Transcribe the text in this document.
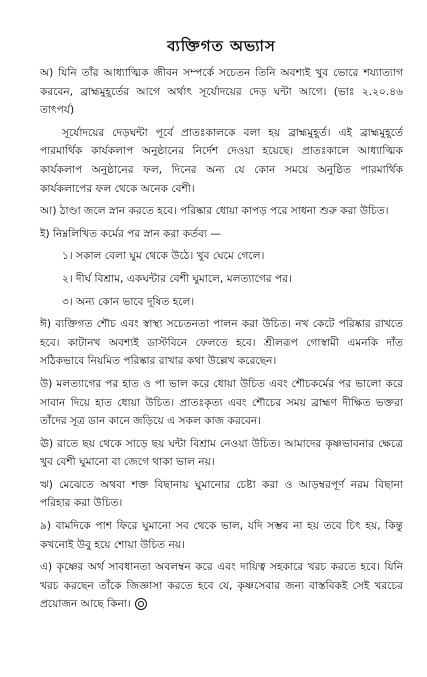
ব্যক্তিগত অভ্যাস

অ) যিনি তাঁর আধ্যাত্মিক জীবন সম্পর্কে সচেতন তিনি অবশ্যই খুব ভোরে শয্যাত্যাগ করবেন, ব্রাহ্মমুহূর্তের আগে অর্থাৎ সূর্যোদয়ের দেড় ঘন্টা আগে। (ভাঃ ২.২০.৪৬ তাৎপর্য)

সূর্যোদয়ের দেড়ঘন্টা পূর্বে প্রাতঃকালকে বলা হয় ব্রাহ্মমুহূর্ত। এই ব্রাহ্মমুহূর্তে পারমার্থিক কার্যকলাপ অনুষ্ঠানের নির্দেশ দেওয়া হয়েছে। প্রাতঃকালে আধ্যাত্মিক কার্যকলাপ অনুষ্ঠানের ফল, দিনের অন্য যে কোন সময়ে অনুষ্ঠিত পারমার্থিক কার্যকলাপের ফল থেকে অনেক বেশী।

আ) ঠাণ্ডা জলে স্নান করতে হবে। পরিষ্কার ধোয়া কাপড় পরে সাধনা শুরু করা উচিত।

ই) নিম্নলিখিত কর্মের পর স্নান করা কর্তব্য —

১। সকাল বেলা ঘুম থেকে উঠে। খুব ঘেমে গেলে।
২। দীর্ঘ বিশ্রাম, একঘন্টার বেশী ঘুমালে, মলত্যাগের পর।
৩। অন্য কোন ভাবে দূষিত হলে।

ঈ) ব্যক্তিগত শৌচ এবং স্বাস্থ্য সচেতনতা পালন করা উচিত। নখ কেটে পরিষ্কার রাখতে হবে। কাটানখ অবশ্যই ডাস্টবিনে ফেলতে হবে। শ্রীলরূপ গোস্বামী এমনকি দাঁত সঠিকভাবে নিয়মিত পরিষ্কার রাখার কথা উল্লেখ করেছেন।

উ) মলত্যাগের পর হাত ও পা ভাল করে ধোয়া উচিত এবং শৌচকর্মের পর ভালো করে সাবান দিয়ে হাত ধোয়া উচিত। প্রাতঃকৃত্য এবং শৌচের সময় ব্রাহ্মণ দীক্ষিত ভক্তরা তাঁদের সূত্র ডান কানে জড়িয়ে এ সকল কাজ করবেন।

ঊ) রাতে ছয় থেকে সাড়ে ছয় ঘন্টা বিশ্রাম নেওয়া উচিত। আমাদের কৃষ্ণভাবনার ক্ষেত্রে খুব বেশী ঘুমানো বা জেগে থাকা ভাল নয়।

ঋ) মেঝেতে অথবা শক্ত বিছানায় ঘুমানোর চেষ্টা করা ও আড়ম্বরপূর্ণ নরম বিছানা পরিহার করা উচিত।

৯) বামদিকে পাশ ফিরে ঘুমানো সব থেকে ভাল, যদি সম্ভব না হয় তবে চিৎ হয়, কিন্তু কখনোই উবু হয়ে শোয়া উচিত নয়।

এ) কৃষ্ণের অর্থ সাবধানতা অবলম্বন করে এবং দায়িত্ব সহকারে খরচ করতে হবে। যিনি খরচ করছেন তাঁকে জিজ্ঞাসা করতে হবে যে, কৃষ্ণসেবার জন্য বাস্তবিকই সেই খরচের প্রয়োজন আছে কিনা।
